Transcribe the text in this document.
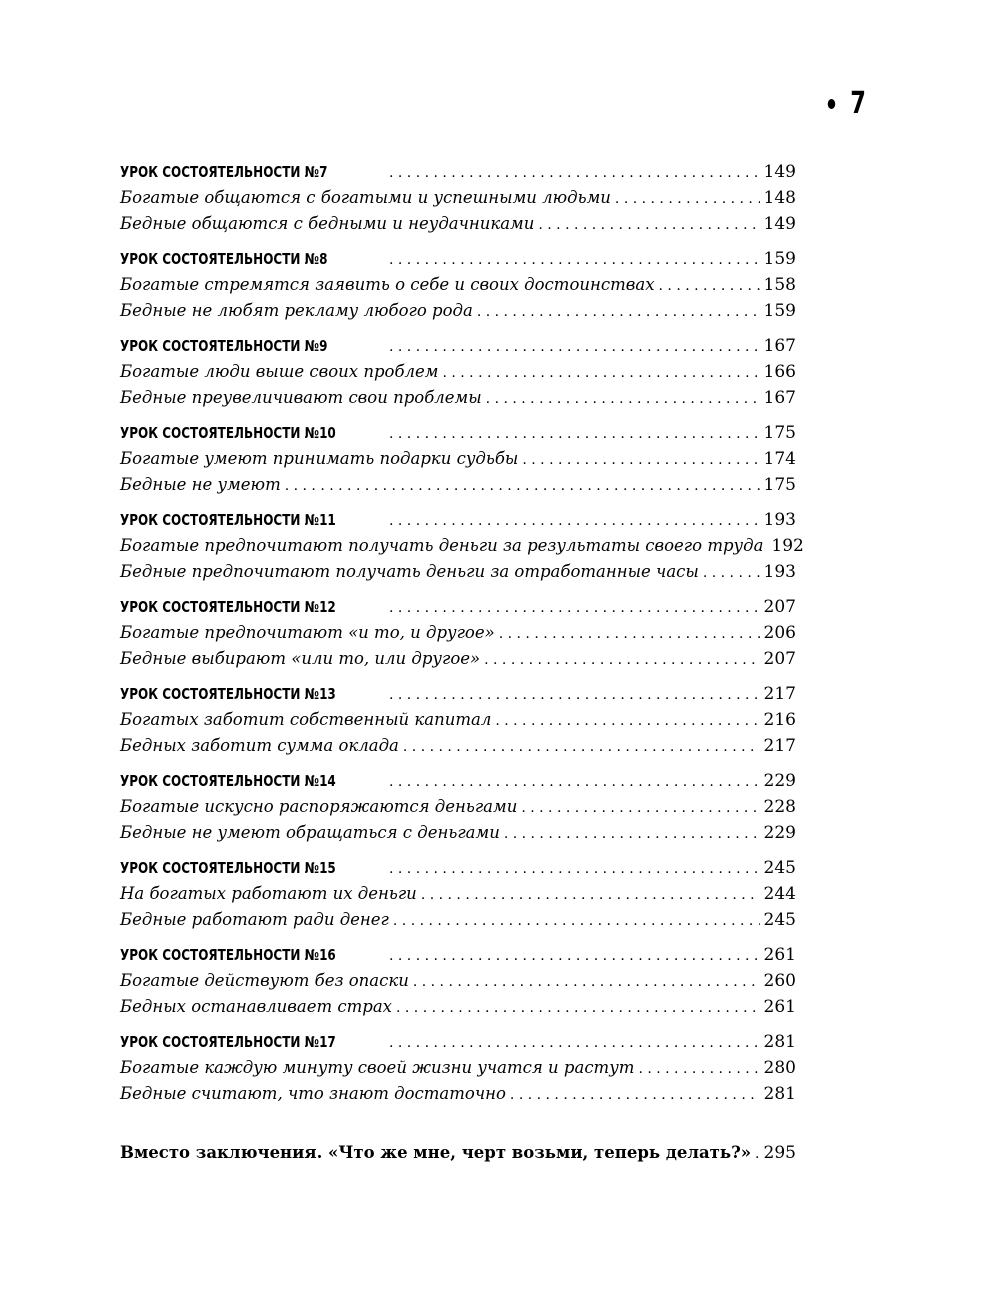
7
УРОК СОСТОЯТЕЛЬНОСТИ №7 . . .	149
Богатые общаются с богатыми и успешными людьми . . .	148
Бедные общаются с бедными и неудачниками . . .	149
УРОК СОСТОЯТЕЛЬНОСТИ №8 . . .	159
Богатые стремятся заявить о себе и своих достоинствах . . .	158
Бедные не любят рекламу любого рода . . .	159
УРОК СОСТОЯТЕЛЬНОСТИ №9 . . .	167
Богатые люди выше своих проблем . . .	166
Бедные преувеличивают свои проблемы . . .	167
УРОК СОСТОЯТЕЛЬНОСТИ №10 . . .	175
Богатые умеют принимать подарки судьбы . . .	174
Бедные не умеют . . .	175
УРОК СОСТОЯТЕЛЬНОСТИ №11 . . .	193
Богатые предпочитают получать деньги за результаты своего труда 192
Бедные предпочитают получать деньги за отработанные часы . . .	193
УРОК СОСТОЯТЕЛЬНОСТИ №12 . . .	207
Богатые предпочитают «и то, и другое» . . .	206
Бедные выбирают «или то, или другое» . . .	207
УРОК СОСТОЯТЕЛЬНОСТИ №13 . . .	217
Богатых заботит собственный капитал . . .	216
Бедных заботит сумма оклада . . .	217
УРОК СОСТОЯТЕЛЬНОСТИ №14 . . .	229
Богатые искусно распоряжаются деньгами . . .	228
Бедные не умеют обращаться с деньгами . . .	229
УРОК СОСТОЯТЕЛЬНОСТИ №15 . . .	245
На богатых работают их деньги . . .	244
Бедные работают ради денег . . .	245
УРОК СОСТОЯТЕЛЬНОСТИ №16 . . .	261
Богатые действуют без опаски . . .	260
Бедных останавливает страх . . .	261
УРОК СОСТОЯТЕЛЬНОСТИ №17 . . .	281
Богатые каждую минуту своей жизни учатся и растут . . .	280
Бедные считают, что знают достаточно . . .	281
Вместо заключения. «Что же мне, черт возьми, теперь делать?» . . . 295
